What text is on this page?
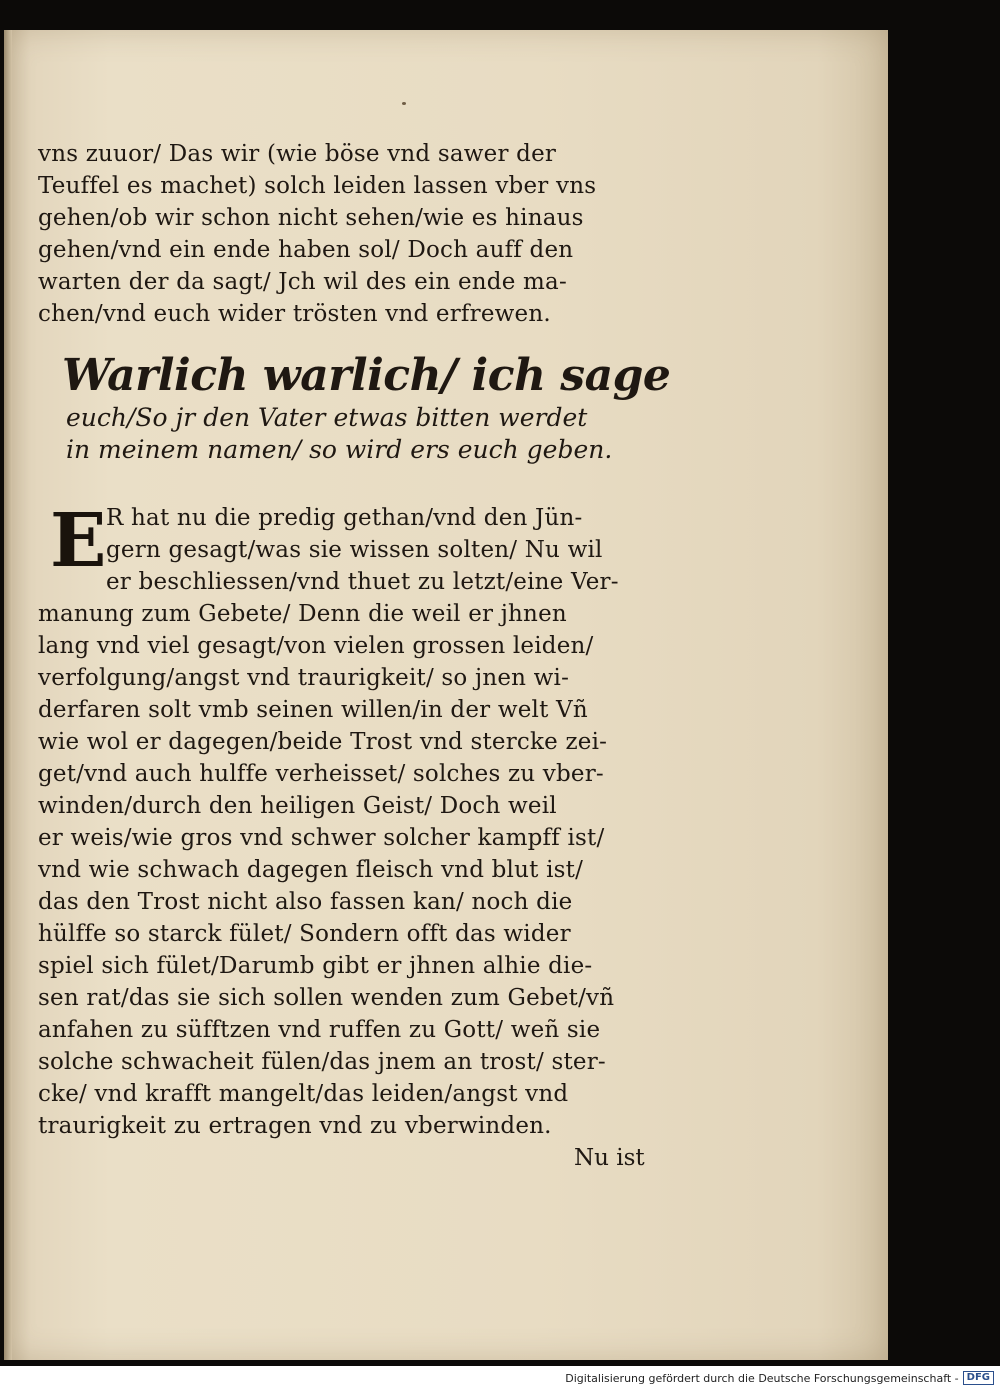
vns zuuor/ Das wir (wie böse vnd sawer der
Teuffel es machet) solch leiden lassen vber vns
gehen/ob wir schon nicht sehen/wie es hinaus
gehen/vnd ein ende haben sol/ Doch auff den
warten der da sagt/ Jch wil des ein ende ma-
chen/vnd euch wider trösten vnd erfrewen.
Warlich warlich/ ich sage
euch/So jr den Vater etwas bitten werdet
in meinem namen/ so wird ers euch geben.
E R hat nu die predig gethan/vnd den Jün-
gern gesagt/was sie wissen solten/ Nu wil
er beschliessen/vnd thuet zu letzt/eine Ver-
manung zum Gebete/ Denn die weil er jhnen
lang vnd viel gesagt/von vielen grossen leiden/
verfolgung/angst vnd traurigkeit/ so jnen wi-
derfaren solt vmb seinen willen/in der welt Vñ
wie wol er dagegen/beide Trost vnd stercke zei-
get/vnd auch hulffe verheisset/ solches zu vber-
winden/durch den heiligen Geist/ Doch weil
er weis/wie gros vnd schwer solcher kampff ist/
vnd wie schwach dagegen fleisch vnd blut ist/
das den Trost nicht also fassen kan/ noch die
hülffe so starck fület/ Sondern offt das wider
spiel sich fület/Darumb gibt er jhnen alhie die-
sen rat/das sie sich sollen wenden zum Gebet/vñ
anfahen zu süfftzen vnd ruffen zu Gott/ weñ sie
solche schwacheit fülen/das jnem an trost/ ster-
cke/ vnd krafft mangelt/das leiden/angst vnd
traurigkeit zu ertragen vnd zu vberwinden.
Nu ist
Digitalisierung gefördert durch die Deutsche Forschungsgemeinschaft - DFG
